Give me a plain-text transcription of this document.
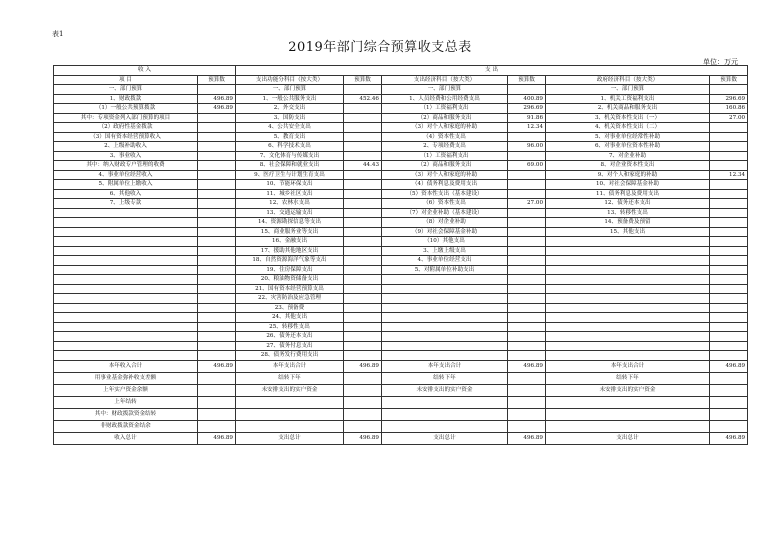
表1
2019年部门综合预算收支总表
单位：万元
收 入		支 出					
项 目	预算数	支出功能分科目（按大类）	预算数	支出经济科目（按大类）	预算数	政府经济科目（按大类）	预算数
一、部门预算		一、部门预算		一、部门预算		一、部门预算	
1、财政拨款	496.89	1、一般公共服务支出	452.46	1、人员经费和公用经费支出	400.89	1、机关工资福利支出	296.69
（1）一般公共预算拨款	496.89	2、外交支出		（1）工资福利支出	296.69	2、机关商品和服务支出	160.86
其中：专项资金列入部门预算的项目		3、国防支出		（2）商品和服务支出	91.86	3、机关资本性支出（一）	27.00
（2）政府性基金拨款		4、公共安全支出		（3）对个人和家庭的补助	12.34	4、机关资本性支出（二）	
（3）国有资本经营预算收入		5、教育支出		（4）资本性支出		5、对事业单位经常性补助	
2、上级补助收入		6、科学技术支出		2、专项经费支出	96.00	6、对事业单位资本性补助	
3、事业收入		7、文化体育与传媒支出		（1）工资福利支出		7、对企业补助	
其中：纳入财政专户管理的收费		8、社会保障和就业支出	44.43	（2）商品和服务支出	69.00	8、对企业资本性支出	
4、事业单位经营收入		9、医疗卫生与计划生育支出		（3）对个人和家庭的补助		9、对个人和家庭的补助	12.34
5、附属单位上缴收入		10、节能环保支出		（4）债务利息及费用支出		10、对社会保障基金补助	
6、其他收入		11、城乡社区支出		（5）资本性支出（基本建设）		11、债务利息及费用支出	
7、上级专款		12、农林水支出		（6）资本性支出	27.00	12、债务还本支出	
		13、交通运输支出		（7）对企业补助（基本建设）		13、转移性支出	
		14、资源勘探信息等支出		（8）对企业补助		14、预备费及预留	
		15、商业服务业等支出		（9）对社会保障基金补助		15、其他支出	
		16、金融支出		（10）其他支出			
		17、援助其他地区支出		3、上缴上级支出			
		18、自然资源海洋气象等支出		4、事业单位经营支出			
		19、住房保障支出		5、对附属单位补助支出			
		20、粮油物资储备支出					
		21、国有资本经营预算支出					
		22、灾害防治及应急管理					
		23、预备费					
		24、其他支出					
		25、转移性支出					
		26、债务还本支出					
		27、债务付息支出					
		28、债务发行费用支出					
本年收入合计	496.89	本年支出合计	496.89	本年支出合计	496.89	本年支出合计	496.89
用事业基金弥补收支差额		结转下年		结转下年		结转下年	
上年实户资金余额		未安排支出的实户资金		未安排支出的实户资金		未安排支出的实户资金	
上年结转							
其中：财政拨款资金结转							
非财政拨款资金结余							
收入总计	496.89	支出总计	496.89	支出总计	496.89	支出总计	496.89
